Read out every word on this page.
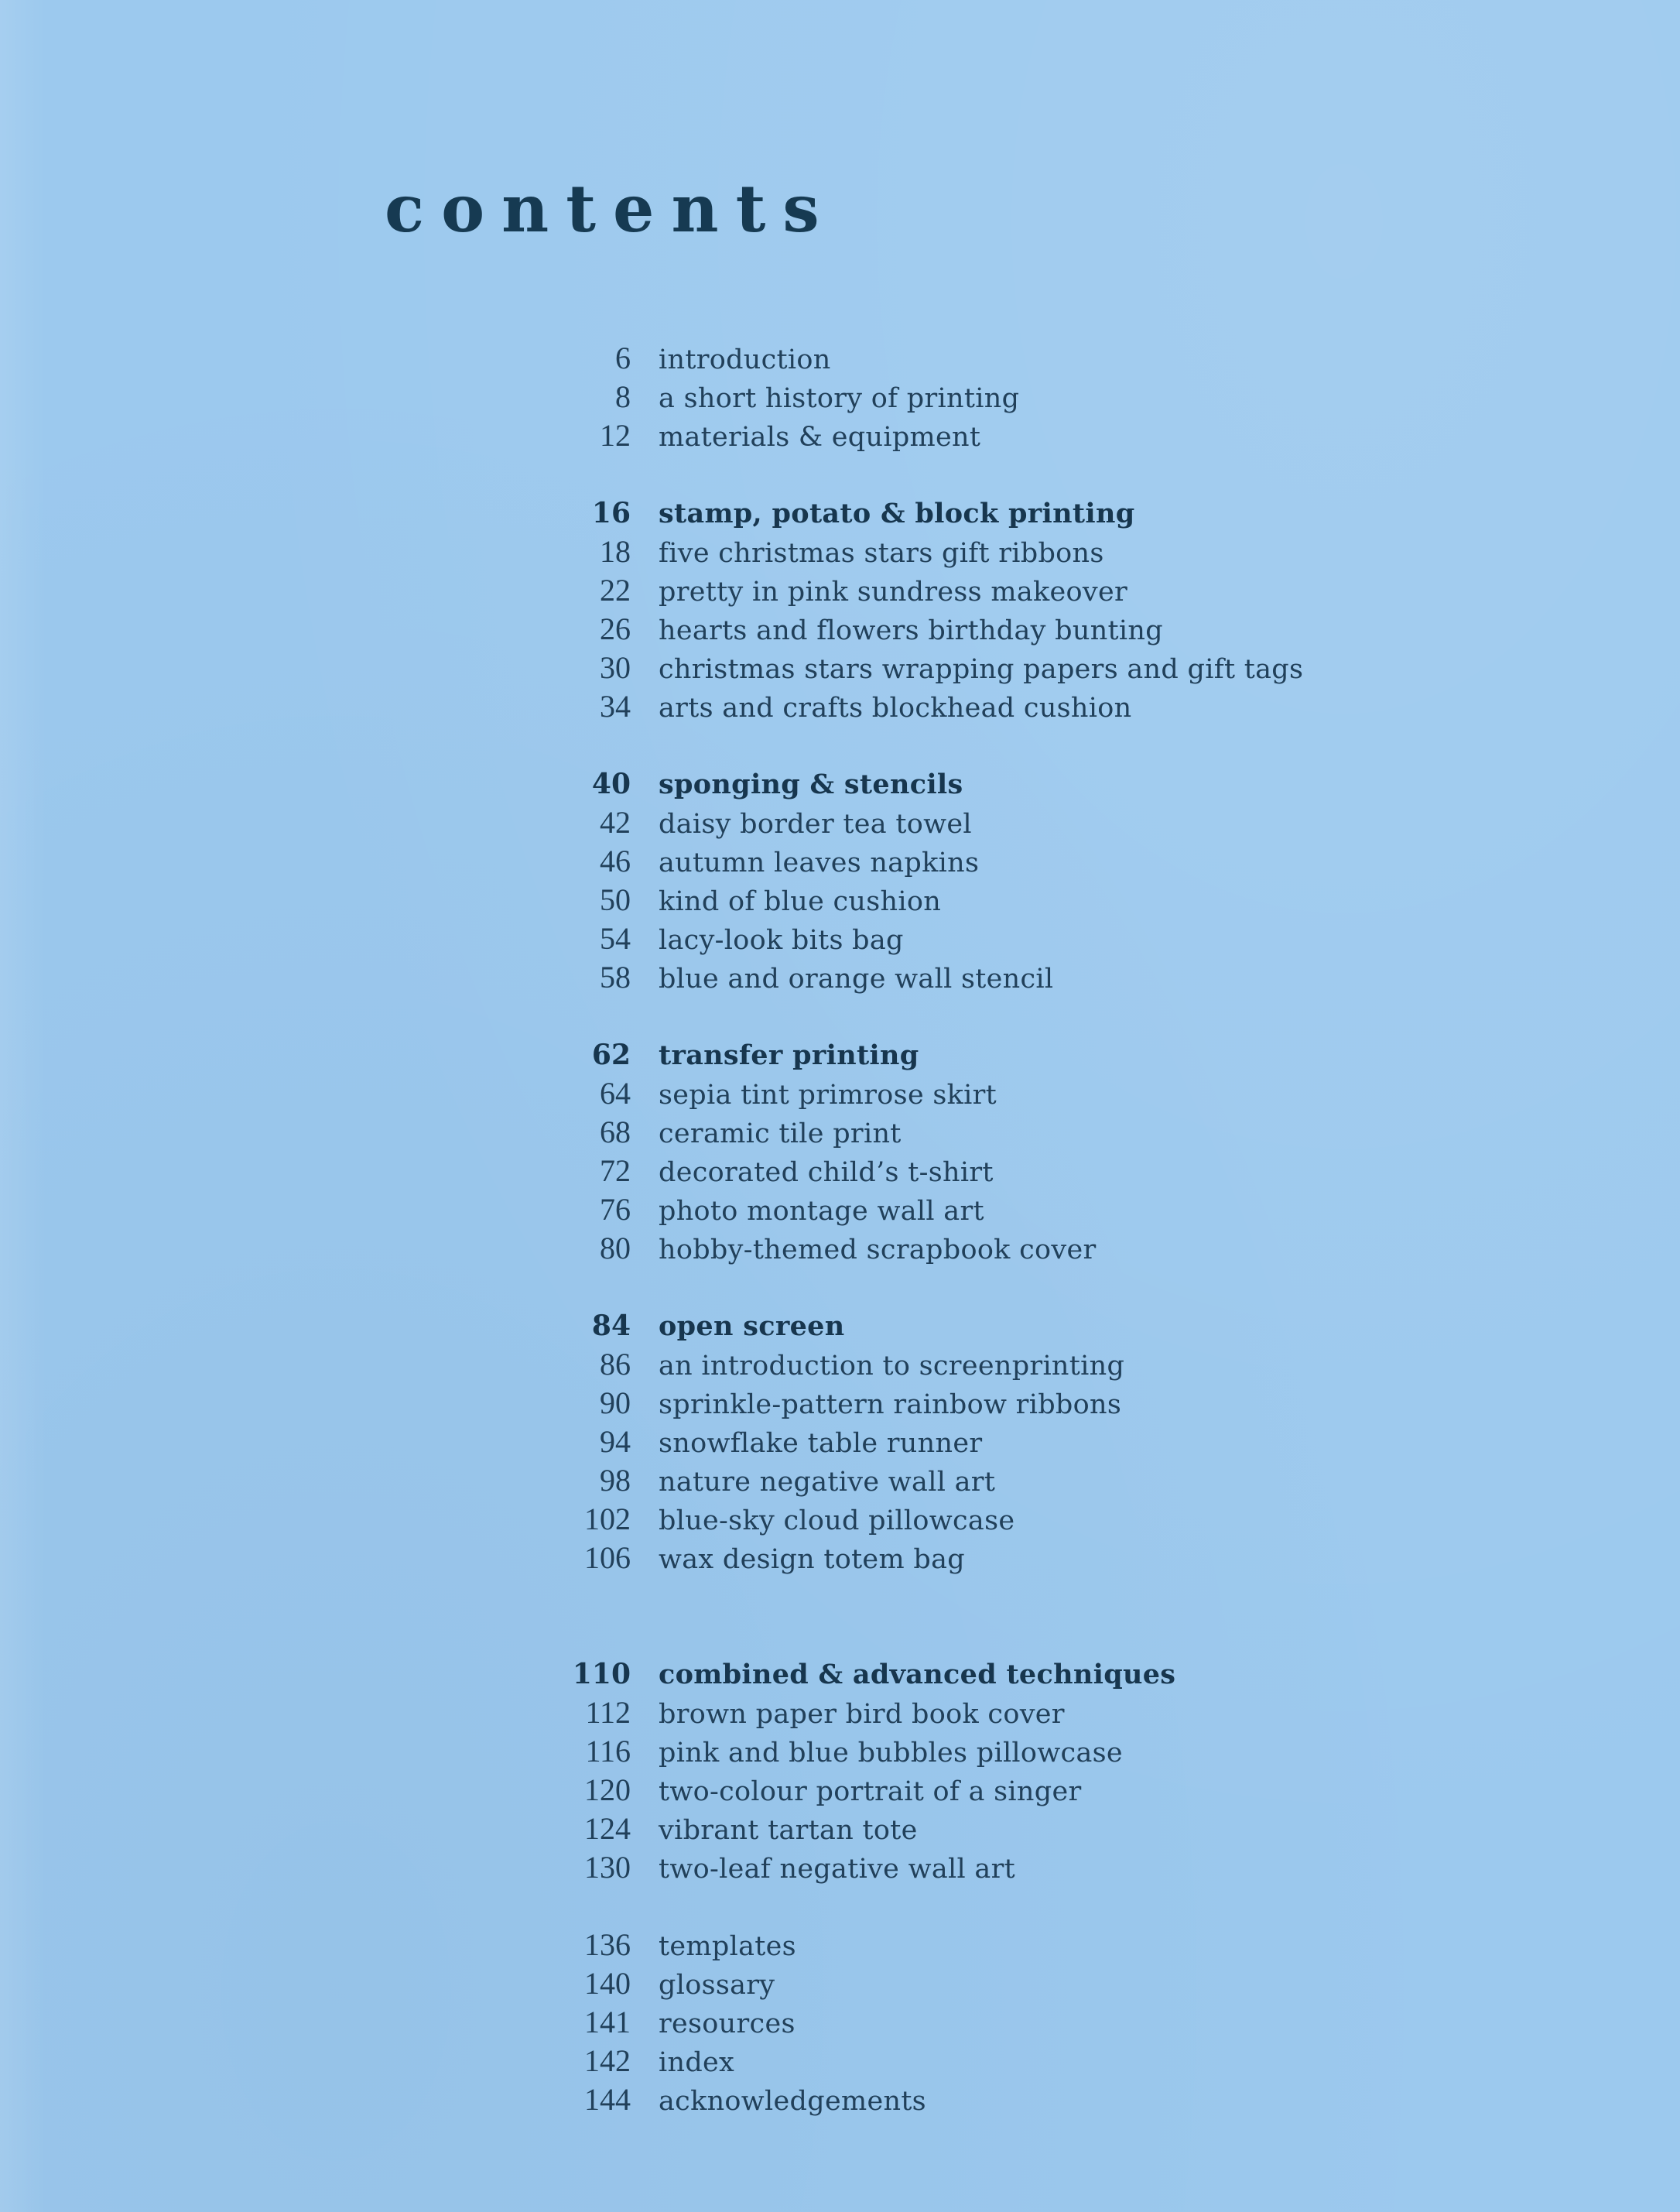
contents
6	introduction
8	a short history of printing
12	materials & equipment
16	stamp, potato & block printing
18	five christmas stars gift ribbons
22	pretty in pink sundress makeover
26	hearts and flowers birthday bunting
30	christmas stars wrapping papers and gift tags
34	arts and crafts blockhead cushion
40	sponging & stencils
42	daisy border tea towel
46	autumn leaves napkins
50	kind of blue cushion
54	lacy-look bits bag
58	blue and orange wall stencil
62	transfer printing
64	sepia tint primrose skirt
68	ceramic tile print
72	decorated child’s t-shirt
76	photo montage wall art
80	hobby-themed scrapbook cover
84	open screen
86	an introduction to screenprinting
90	sprinkle-pattern rainbow ribbons
94	snowflake table runner
98	nature negative wall art
102	blue-sky cloud pillowcase
106	wax design totem bag
110	combined & advanced techniques
112	brown paper bird book cover
116	pink and blue bubbles pillowcase
120	two-colour portrait of a singer
124	vibrant tartan tote
130	two-leaf negative wall art
136	templates
140	glossary
141	resources
142	index
144	acknowledgements
